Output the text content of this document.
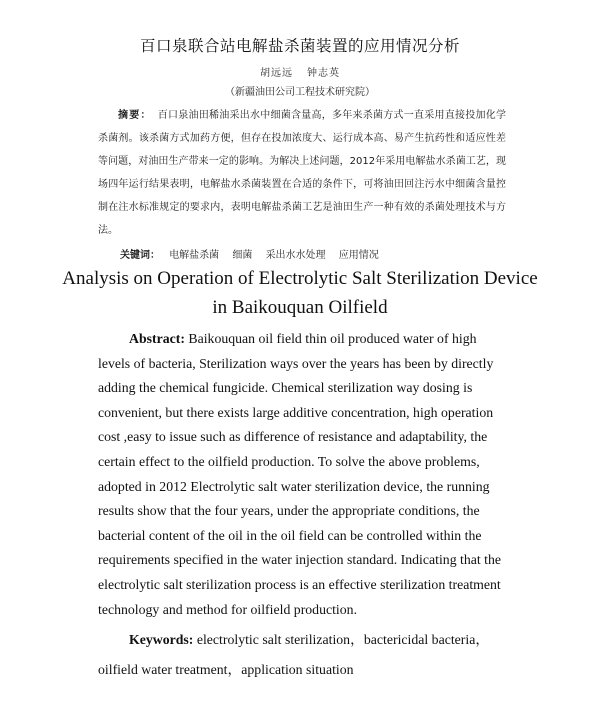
百口泉联合站电解盐杀菌装置的应用情况分析
胡远远 钟志英
（新疆油田公司工程技术研究院）
摘要： 百口泉油田稀油采出水中细菌含量高，多年来杀菌方式一直采用直接投加化学杀菌剂。该杀菌方式加药方便，但存在投加浓度大、运行成本高、易产生抗药性和适应性差等问题，对油田生产带来一定的影响。为解决上述问题，2012年采用电解盐水杀菌工艺，现场四年运行结果表明，电解盐水杀菌装置在合适的条件下，可将油田回注污水中细菌含量控制在注水标准规定的要求内，表明电解盐杀菌工艺是油田生产一种有效的杀菌处理技术与方法。
关键词： 电解盐杀菌 细菌 采出水水处理 应用情况
Analysis on Operation of Electrolytic Salt Sterilization Device
in Baikouquan Oilfield
Abstract: Baikouquan oil field thin oil produced water of high
levels of bacteria, Sterilization ways over the years has been by directly
adding the chemical fungicide. Chemical sterilization way dosing is
convenient, but there exists large additive concentration, high operation
cost ,easy to issue such as difference of resistance and adaptability, the
certain effect to the oilfield production. To solve the above problems,
adopted in 2012 Electrolytic salt water sterilization device, the running
results show that the four years, under the appropriate conditions, the
bacterial content of the oil in the oil field can be controlled within the
requirements specified in the water injection standard. Indicating that the
electrolytic salt sterilization process is an effective sterilization treatment
technology and method for oilfield production.
Keywords: electrolytic salt sterilization，bactericidal bacteria，
oilfield water treatment，application situation
